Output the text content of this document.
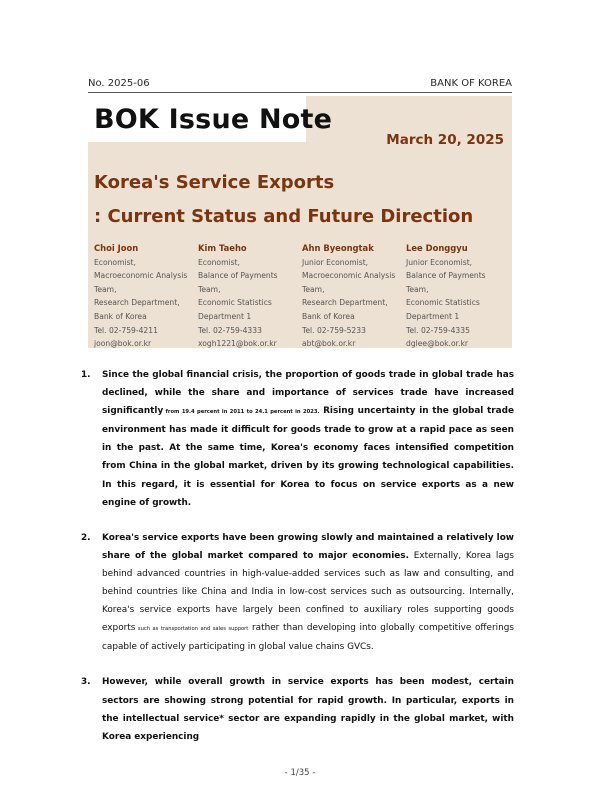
No. 2025-06	BANK OF KOREA
BOK Issue Note
March 20, 2025
Korea's Service Exports
: Current Status and Future Direction
Choi Joon
Economist,
Macroeconomic Analysis
Team,
Research Department,
Bank of Korea
Tel. 02-759-4211
joon@bok.or.kr
Kim Taeho
Economist,
Balance of Payments
Team,
Economic Statistics
Department 1
Tel. 02-759-4333
xogh1221@bok.or.kr
Ahn Byeongtak
Junior Economist,
Macroeconomic Analysis
Team,
Research Department,
Bank of Korea
Tel. 02-759-5233
abt@bok.or.kr
Lee Donggyu
Junior Economist,
Balance of Payments
Team,
Economic Statistics
Department 1
Tel. 02-759-4335
dglee@bok.or.kr
1.	Since the global financial crisis, the proportion of goods trade in global trade has declined, while the share and importance of services trade have increased significantly from 19.4 percent in 2011 to 24.1 percent in 2023. Rising uncertainty in the global trade environment has made it difficult for goods trade to grow at a rapid pace as seen in the past. At the same time, Korea's economy faces intensified competition from China in the global market, driven by its growing technological capabilities. In this regard, it is essential for Korea to focus on service exports as a new engine of growth.
2.	Korea's service exports have been growing slowly and maintained a relatively low share of the global market compared to major economies. Externally, Korea lags behind advanced countries in high-value-added services such as law and consulting, and behind countries like China and India in low-cost services such as outsourcing. Internally, Korea's service exports have largely been confined to auxiliary roles supporting goods exports such as transportation and sales support rather than developing into globally competitive offerings capable of actively participating in global value chains GVCs.
3.	However, while overall growth in service exports has been modest, certain sectors are showing strong potential for rapid growth. In particular, exports in the intellectual service* sector are expanding rapidly in the global market, with Korea experiencing
- 1/35 -
